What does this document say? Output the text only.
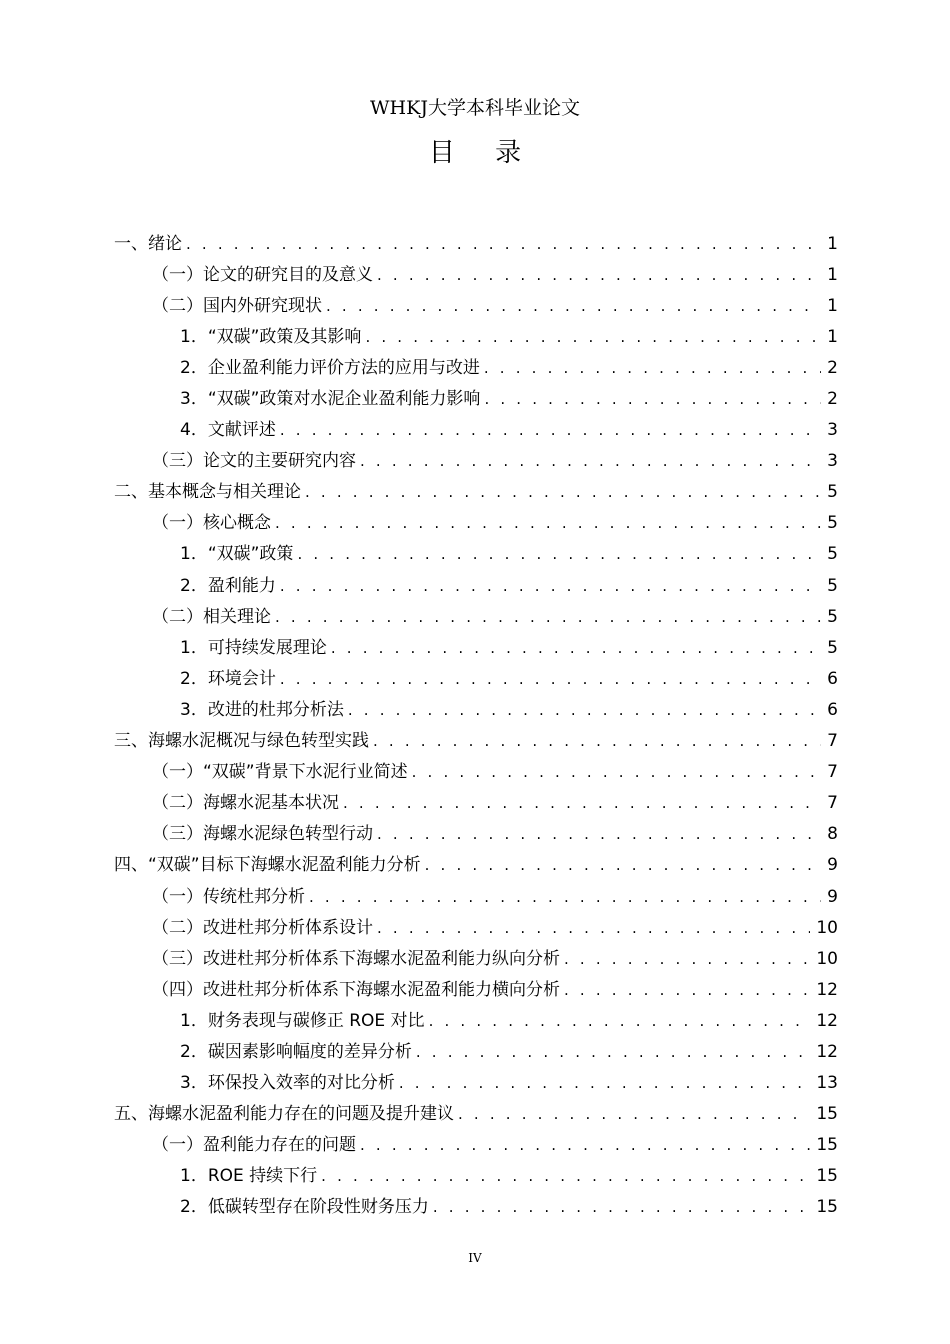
WHKJ大学本科毕业论文
目 录
一、绪论 . . .	1
（一）论文的研究目的及意义 . . .	1
（二）国内外研究现状 . . .	1
1．“双碳”政策及其影响 . . .	1
2．企业盈利能力评价方法的应用与改进 . . .	2
3．“双碳”政策对水泥企业盈利能力影响 . . .	2
4．文献评述 . . .	3
（三）论文的主要研究内容 . . .	3
二、基本概念与相关理论 . . .	5
（一）核心概念 . . .	5
1．“双碳”政策 . . .	5
2．盈利能力 . . .	5
（二）相关理论 . . .	5
1．可持续发展理论 . . .	5
2．环境会计 . . .	6
3．改进的杜邦分析法 . . .	6
三、海螺水泥概况与绿色转型实践 . . .	7
（一）“双碳”背景下水泥行业简述 . . .	7
（二）海螺水泥基本状况 . . .	7
（三）海螺水泥绿色转型行动 . . .	8
四、“双碳”目标下海螺水泥盈利能力分析 . . .	9
（一）传统杜邦分析 . . .	9
（二）改进杜邦分析体系设计 . . .	10
（三）改进杜邦分析体系下海螺水泥盈利能力纵向分析 . . .	10
（四）改进杜邦分析体系下海螺水泥盈利能力横向分析 . . .	12
1．财务表现与碳修正 ROE 对比 . . .	12
2．碳因素影响幅度的差异分析 . . .	12
3．环保投入效率的对比分析 . . .	13
五、海螺水泥盈利能力存在的问题及提升建议 . . .	15
（一）盈利能力存在的问题 . . .	15
1．ROE 持续下行 . . .	15
2．低碳转型存在阶段性财务压力 . . .	15
IV
